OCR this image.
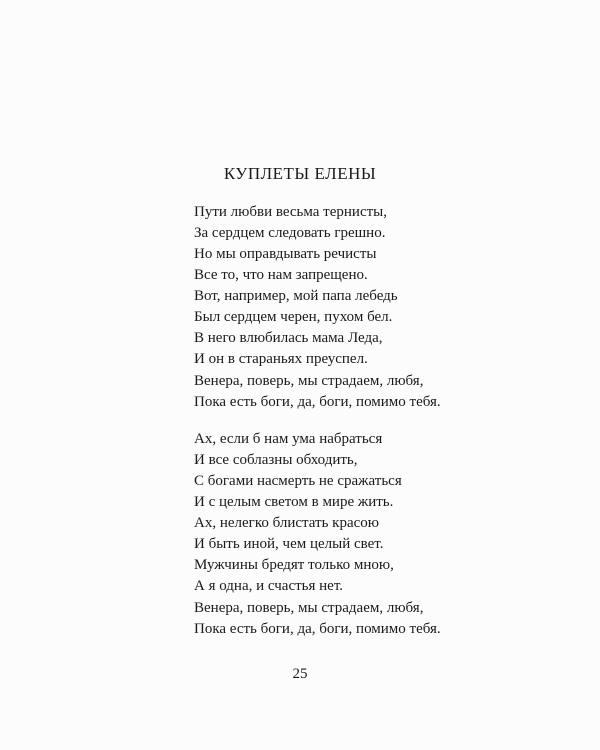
КУПЛЕТЫ ЕЛЕНЫ
Пути любви весьма тернисты,
За сердцем следовать грешно.
Но мы оправдывать речисты
Все то, что нам запрещено.
Вот, например, мой папа лебедь
Был сердцем черен, пухом бел.
В него влюбилась мама Леда,
И он в стараньях преуспел.
Венера, поверь, мы страдаем, любя,
Пока есть боги, да, боги, помимо тебя.
Ах, если б нам ума набраться
И все соблазны обходить,
С богами насмерть не сражаться
И с целым светом в мире жить.
Ах, нелегко блистать красою
И быть иной, чем целый свет.
Мужчины бредят только мною,
А я одна, и счастья нет.
Венера, поверь, мы страдаем, любя,
Пока есть боги, да, боги, помимо тебя.
25
